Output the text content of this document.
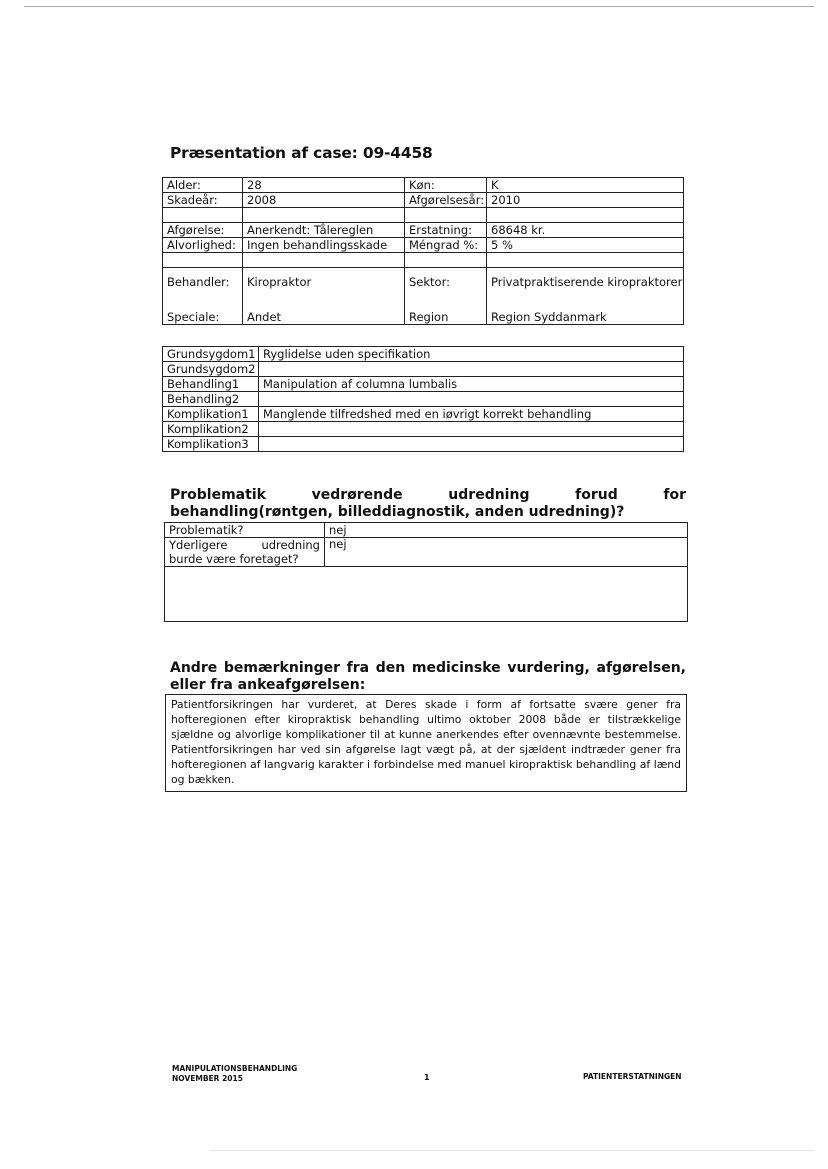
Præsentation af case: 09-4458
Alder:	28	Køn:	K
Skadeår:	2008	Afgørelsesår:	2010

Afgørelse:	Anerkendt: Tålereglen	Erstatning:	68648 kr.
Alvorlighed:	Ingen behandlingsskade	Méngrad %:	5 %

Behandler:	Kiropraktor	Sektor:	Privatpraktiserende kiropraktorer
Speciale:	Andet	Region	Region Syddanmark
Grundsygdom1	Ryglidelse uden specifikation
Grundsygdom2	
Behandling1	Manipulation af columna lumbalis
Behandling2	
Komplikation1	Manglende tilfredshed med en iøvrigt korrekt behandling
Komplikation2	
Komplikation3	
Problematik vedrørende udredning forud for behandling(røntgen, billeddiagnostik, anden udredning)?
Problematik?	nej
Yderligere udredning burde være foretaget?	nej

Andre bemærkninger fra den medicinske vurdering, afgørelsen, eller fra ankeafgørelsen:
Patientforsikringen har vurderet, at Deres skade i form af fortsatte svære gener fra hofteregionen efter kiropraktisk behandling ultimo oktober 2008 både er tilstrækkelige sjældne og alvorlige komplikationer til at kunne anerkendes efter ovennævnte bestemmelse. Patientforsikringen har ved sin afgørelse lagt vægt på, at der sjældent indtræder gener fra hofteregionen af langvarig karakter i forbindelse med manuel kiropraktisk behandling af lænd og bækken.
MANIPULATIONSBEHANDLING
NOVEMBER 2015	1	PATIENTERSTATNINGEN
